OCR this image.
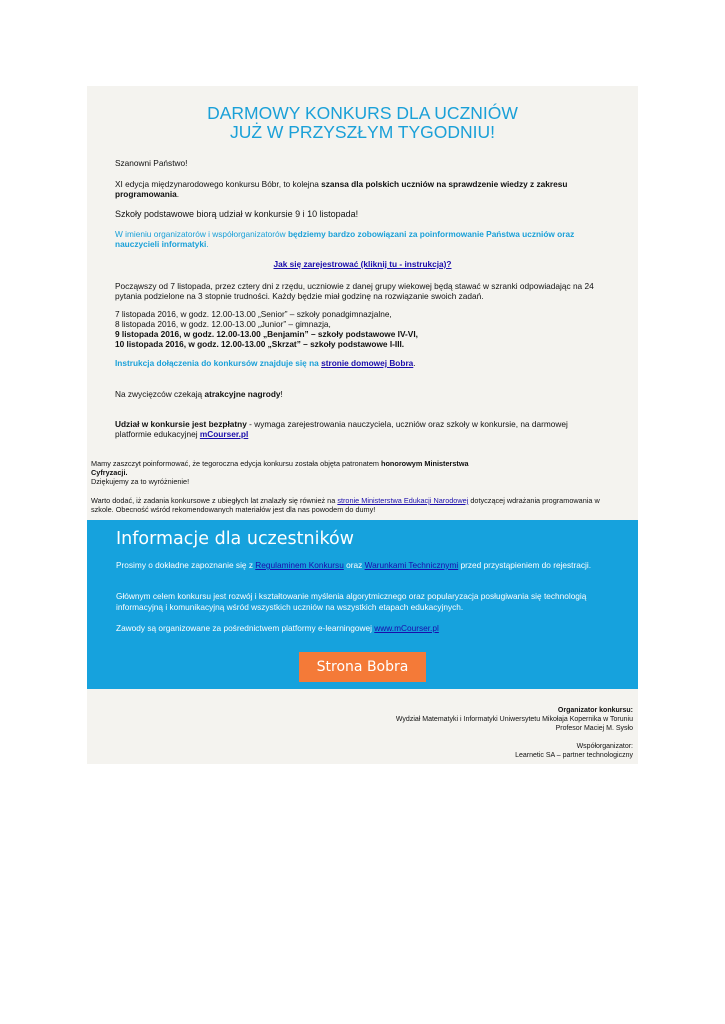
DARMOWY KONKURS DLA UCZNIÓW
JUŻ W PRZYSZŁYM TYGODNIU!
Szanowni Państwo!
XI edycja międzynarodowego konkursu Bóbr, to kolejna szansa dla polskich uczniów na sprawdzenie wiedzy z zakresu programowania.
Szkoły podstawowe biorą udział w konkursie 9 i 10 listopada!
W imieniu organizatorów i współorganizatorów będziemy bardzo zobowiązani za poinformowanie Państwa uczniów oraz nauczycieli informatyki.
Jak się zarejestrować (kliknij tu - instrukcja)?
Począwszy od 7 listopada, przez cztery dni z rzędu, uczniowie z danej grupy wiekowej będą stawać w szranki odpowiadając na 24 pytania podzielone na 3 stopnie trudności. Każdy będzie miał godzinę na rozwiązanie swoich zadań.
7 listopada 2016, w godz. 12.00-13.00 „Senior” – szkoły ponadgimnazjalne,
8 listopada 2016, w godz. 12.00-13.00 „Junior” – gimnazja,
9 listopada 2016, w godz. 12.00-13.00 „Benjamin” – szkoły podstawowe IV-VI,
10 listopada 2016, w godz. 12.00-13.00 „Skrzat” – szkoły podstawowe I-III.
Instrukcja dołączenia do konkursów znajduje się na stronie domowej Bobra.
Na zwycięzców czekają atrakcyjne nagrody!
Udział w konkursie jest bezpłatny - wymaga zarejestrowania nauczyciela, uczniów oraz szkoły w konkursie, na darmowej platformie edukacyjnej mCourser.pl
Mamy zaszczyt poinformować, że tegoroczna edycja konkursu została objęta patronatem honorowym Ministerstwa
Cyfryzacji.
Dziękujemy za to wyróżnienie!
Warto dodać, iż zadania konkursowe z ubiegłych lat znalazły się również na stronie Ministerstwa Edukacji Narodowej dotyczącej wdrażania programowania w szkole. Obecność wśród rekomendowanych materiałów jest dla nas powodem do dumy!
Informacje dla uczestników
Prosimy o dokładne zapoznanie się z Regulaminem Konkursu oraz Warunkami Technicznymi przed przystąpieniem do rejestracji.
Głównym celem konkursu jest rozwój i kształtowanie myślenia algorytmicznego oraz popularyzacja posługiwania się technologią informacyjną i komunikacyjną wśród wszystkich uczniów na wszystkich etapach edukacyjnych.
Zawody są organizowane za pośrednictwem platformy e-learningowej www.mCourser.pl
Strona Bobra
Organizator konkursu:
Wydział Matematyki i Informatyki Uniwersytetu Mikołaja Kopernika w Toruniu
Profesor Maciej M. Sysło
Współorganizator:
Learnetic SA – partner technologiczny
